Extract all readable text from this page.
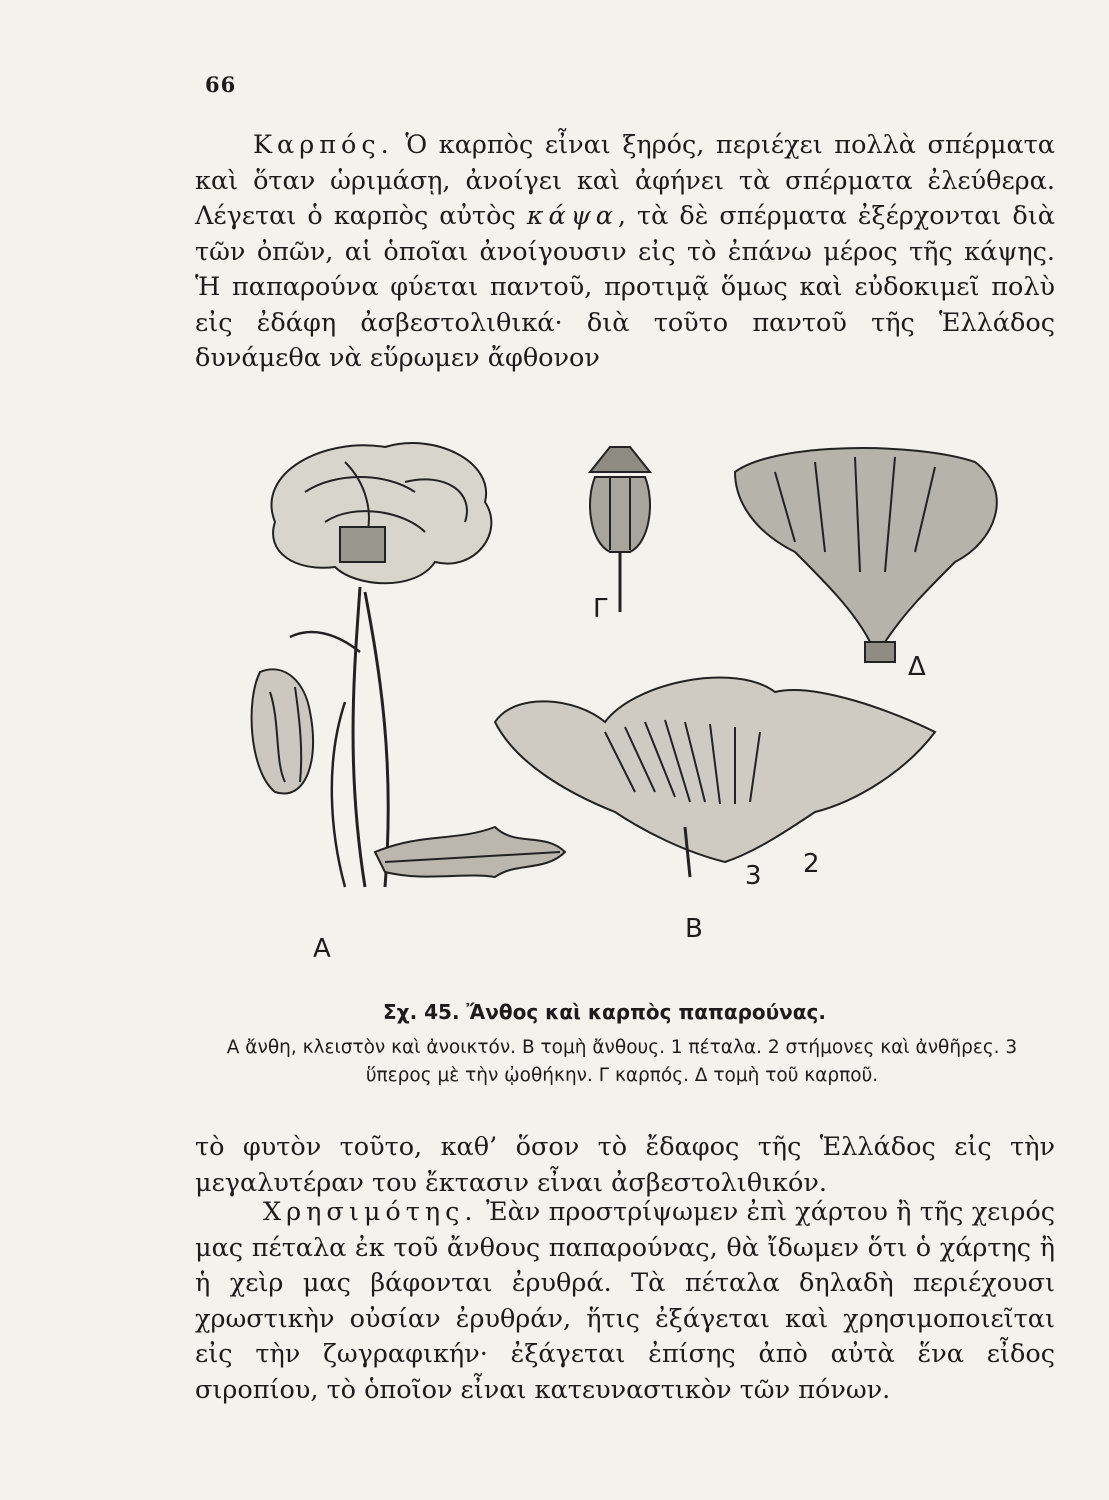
66

Καρπός. Ὁ καρπὸς εἶναι ξηρός, περιέχει πολλὰ σπέρματα καὶ ὅταν ὡριμάσῃ, ἀνοίγει καὶ ἀφήνει τὰ σπέρματα ἐλεύθερα. Λέγεται ὁ καρπὸς αὐτὸς κάψα, τὰ δὲ σπέρματα ἐξέρχονται διὰ τῶν ὀπῶν, αἱ ὁποῖαι ἀνοίγουσιν εἰς τὸ ἐπάνω μέρος τῆς κάψης. Ἡ παπαρούνα φύεται παντοῦ, προτιμᾷ ὅμως καὶ εὐδοκιμεῖ πολὺ εἰς ἐδάφη ἀσβεστολιθικά· διὰ τοῦτο παντοῦ τῆς Ἑλλάδος δυνάμεθα νὰ εὕρωμεν ἄφθονον

Α
Γ
Δ
Β
3 2
Σχ. 45. Ἄνθος καὶ καρπὸς παπαρούνας.
Α ἄνθη, κλειστὸν καὶ ἀνοικτόν. Β τομὴ ἄνθους. 1 πέταλα. 2 στήμονες καὶ ἀνθῆρες. 3 ὕπερος μὲ τὴν ᾠοθήκην. Γ καρπός. Δ τομὴ τοῦ καρποῦ.

τὸ φυτὸν τοῦτο, καθ’ ὅσον τὸ ἔδαφος τῆς Ἑλλάδος εἰς τὴν μεγαλυτέραν του ἔκτασιν εἶναι ἀσβεστολιθικόν.

Χρησιμότης. Ἐὰν προστρίψωμεν ἐπὶ χάρτου ἢ τῆς χειρός μας πέταλα ἐκ τοῦ ἄνθους παπαρούνας, θὰ ἴδωμεν ὅτι ὁ χάρτης ἢ ἡ χεὶρ μας βάφονται ἐρυθρά. Τὰ πέταλα δηλαδὴ περιέχουσι χρωστικὴν οὐσίαν ἐρυθράν, ἥτις ἐξάγεται καὶ χρησιμοποιεῖται εἰς τὴν ζωγραφικήν· ἐξάγεται ἐπίσης ἀπὸ αὐτὰ ἕνα εἶδος σιροπίου, τὸ ὁποῖον εἶναι κατευναστικὸν τῶν πόνων.
